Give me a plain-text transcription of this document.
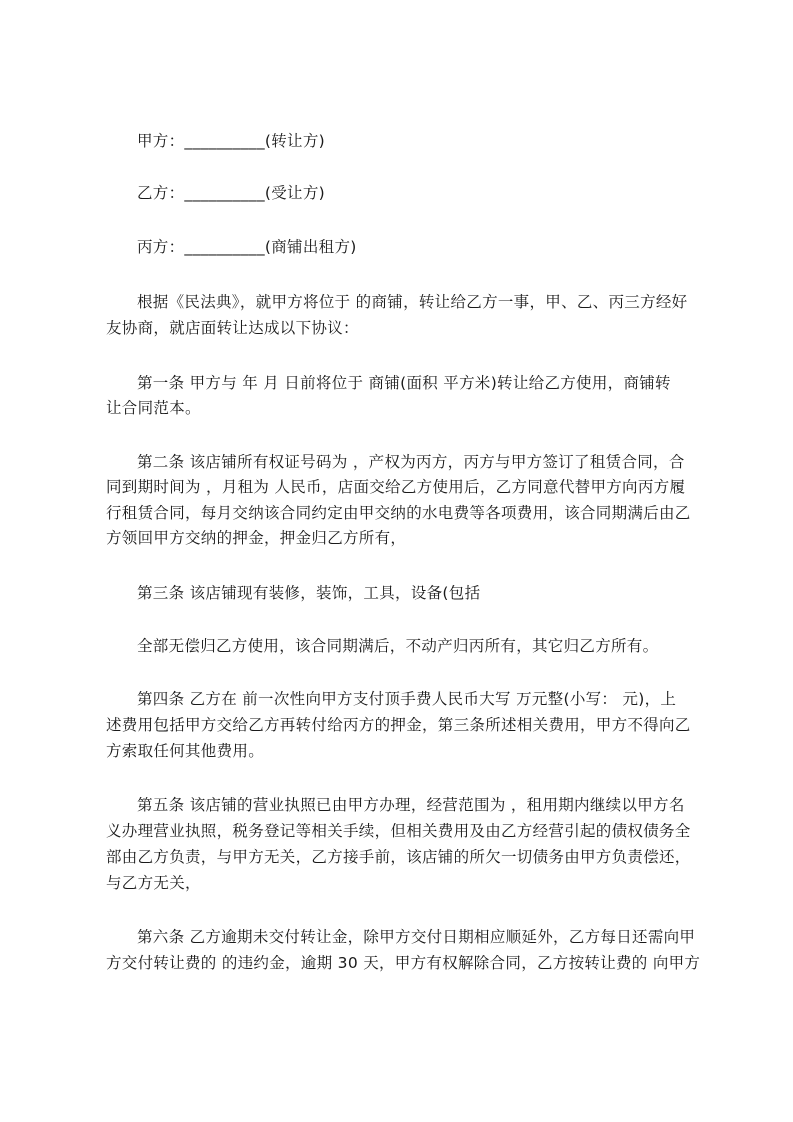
甲方：__________(转让方)
乙方：__________(受让方)
丙方：__________(商铺出租方)
根据《民法典》，就甲方将位于 的商铺，转让给乙方一事，甲、乙、丙三方经好
友协商，就店面转让达成以下协议：
第一条 甲方与 年 月 日前将位于 商铺(面积 平方米)转让给乙方使用，商铺转
让合同范本。
第二条 该店铺所有权证号码为 ，产权为丙方，丙方与甲方签订了租赁合同，合
同到期时间为 ，月租为 人民币，店面交给乙方使用后，乙方同意代替甲方向丙方履
行租赁合同，每月交纳该合同约定由甲交纳的水电费等各项费用，该合同期满后由乙
方领回甲方交纳的押金，押金归乙方所有，
第三条 该店铺现有装修，装饰，工具，设备(包括
全部无偿归乙方使用，该合同期满后，不动产归丙所有，其它归乙方所有。
第四条 乙方在 前一次性向甲方支付顶手费人民币大写 万元整(小写： 元)，上
述费用包括甲方交给乙方再转付给丙方的押金，第三条所述相关费用，甲方不得向乙
方索取任何其他费用。
第五条 该店铺的营业执照已由甲方办理，经营范围为 ，租用期内继续以甲方名
义办理营业执照，税务登记等相关手续，但相关费用及由乙方经营引起的债权债务全
部由乙方负责，与甲方无关，乙方接手前，该店铺的所欠一切债务由甲方负责偿还，
与乙方无关，
第六条 乙方逾期未交付转让金，除甲方交付日期相应顺延外，乙方每日还需向甲
方交付转让费的 的违约金，逾期 30 天，甲方有权解除合同，乙方按转让费的 向甲方
